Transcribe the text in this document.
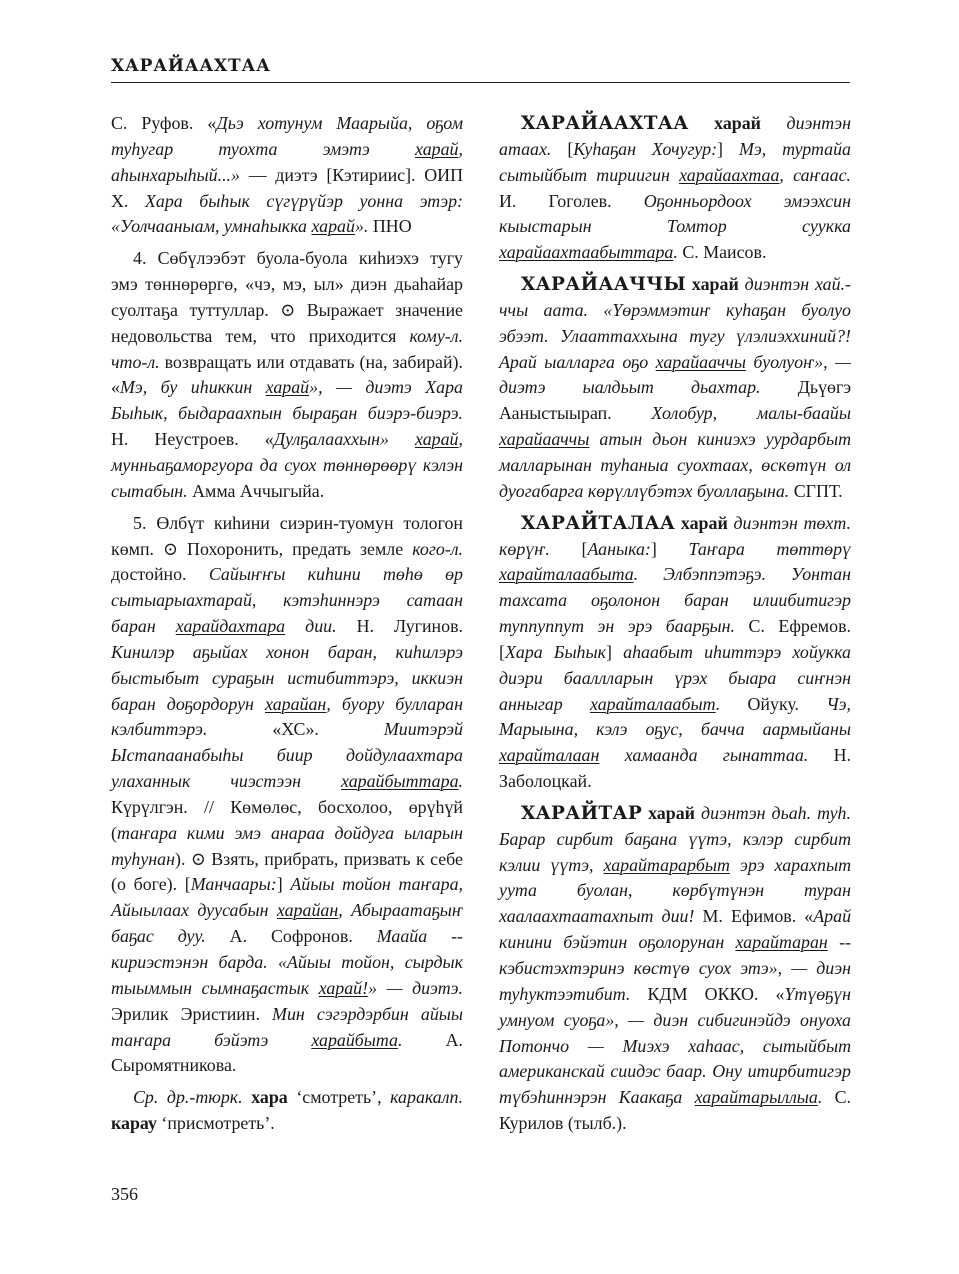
ХАРАЙААХТАА

С. Руфов. «Дьэ хотунум Маарыйа, оҕом туһугар туохта эмэтэ харай, аһынхарыһый...» — диэтэ [Кэтириис]. ОИП Х. Хара быһык сүгүрүйэр уонна этэр: «Уолчааныам, умнаһыкка харай». ПНО

4. Сөбүлээбэт буола-буола киһиэхэ тугу эмэ төннөрөргө, «чэ, мэ, ыл» диэн дьаһайар суолтаҕа туттуллар. ⊙ Выражает значение недовольства тем, что приходится кому-л. что-л. возвращать или отдавать (на, забирай). «Мэ, бу иһиккин харай», — диэтэ Хара Быһык, быдараахпын быраҕан биэрэ-биэрэ. Н. Неустроев. «Дулҕалааххын» харай, мунньаҕаморгуора да суох төннөрөөрү кэлэн сытабын. Амма Аччыгыйа.

5. Өлбүт киһини сиэрин-туомун тологон көмп. ⊙ Похоронить, предать земле кого-л. достойно. Сайыҥҥы киһини төһө өр сытыарыахтарай, кэтэһиннэрэ сатаан баран харайдахтара дии. Н. Лугинов. Кинилэр аҕыйах хонон баран, киһилэрэ быстыбыт сураҕын истибиттэрэ, иккиэн баран доҕордорун харайан, буору булларан кэлбиттэрэ. «ХС». Миитэрэй Ыстапаанабыһы биир дойдулаахтара улаханнык чиэстээн харайбыттара. Күрүлгэн. // Көмөлөс, босхолоо, өрүһүй (таҥара кими эмэ анараа дойдуга ыларын туһунан). ⊙ Взять, прибрать, призвать к себе (о боге). [Манчаары:] Айыы тойон таҥара, Айыылаах дуусабын харайан, Абыраатаҕыҥ баҕас дуу. А. Софронов. Маайа -- кириэстэнэн барда. «Айыы тойон, сырдык тыыммын сымнаҕастык харай!» — диэтэ. Эрилик Эристиин. Мин сэгэрдэрбин айыы таҥара бэйэтэ харайбыта. А. Сыромятникова.

Ср. др.-тюрк. хара ‘смотреть’, каракалп. карау ‘присмотреть’.

ХАРАЙААХТАА харай диэнтэн атаах. [Куһаҕан Хочугур:] Мэ, туртайа сытыйбыт тириигин харайаахтаа, саҥаас. И. Гоголев. Оҕонньордоох эмээхсин кыыстарын Томтор суукка харайаахтаабыттара. С. Маисов.

ХАРАЙААЧЧЫ харай диэнтэн хай.-ччы аата. «Үөрэммэтиҥ куһаҕан буолуо эбээт. Улааттаххына тугу үлэлиэххиний?! Арай ыалларга оҕо харайааччы буолуоҥ», — диэтэ ыалдьыт дьахтар. Дьүөгэ Ааныстыырап. Холобур, малы-баайы харайааччы атын дьон киниэхэ уурдарбыт малларынан туһаныа суохтаах, өскөтүн ол дуогабарга көрүллүбэтэх буоллаҕына. СГПТ.

ХАРАЙТАЛАА харай диэнтэн төхт. көрүҥ. [Ааныка:] Таҥара төттөрү харайталаабыта. Элбэппэтэҕэ. Уонтан тахсата оҕолонон баран илиибитигэр туппуппут эн эрэ баарҕын. С. Ефремов. [Хара Быһык] аһаабыт иһиттэрэ хойукка диэри бааллларын үрэх быара сиҥнэн анныгар харайталаабыт. Ойуку. Чэ, Марыына, кэлэ оҕус, бачча аармыйаны харайталаан хамаанда гынаттаа. Н. Заболоцкай.

ХАРАЙТАР харай диэнтэн дьаһ. туһ. Барар сирбит баҕана үүтэ, кэлэр сирбит кэлии үүтэ, харайтарарбыт эрэ харахпыт уута буолан, көрбүтүнэн туран хаалаахтаатахпыт дии! М. Ефимов. «Арай кинини бэйэтин оҕолорунан харайтаран -- кэбистэхтэринэ көстүө суох этэ», — диэн туһуктээтибит. КДМ ОККО. «Үтүөҕүн умнуом суоҕа», — диэн сибигинэйдэ онуоха Потончо — Миэхэ хаһаас, сытыйбыт американскай сиидэс баар. Ону итирбитигэр түбэһиннэрэн Каакаҕа харайтарыллыа. С. Курилов (тылб.).

356
